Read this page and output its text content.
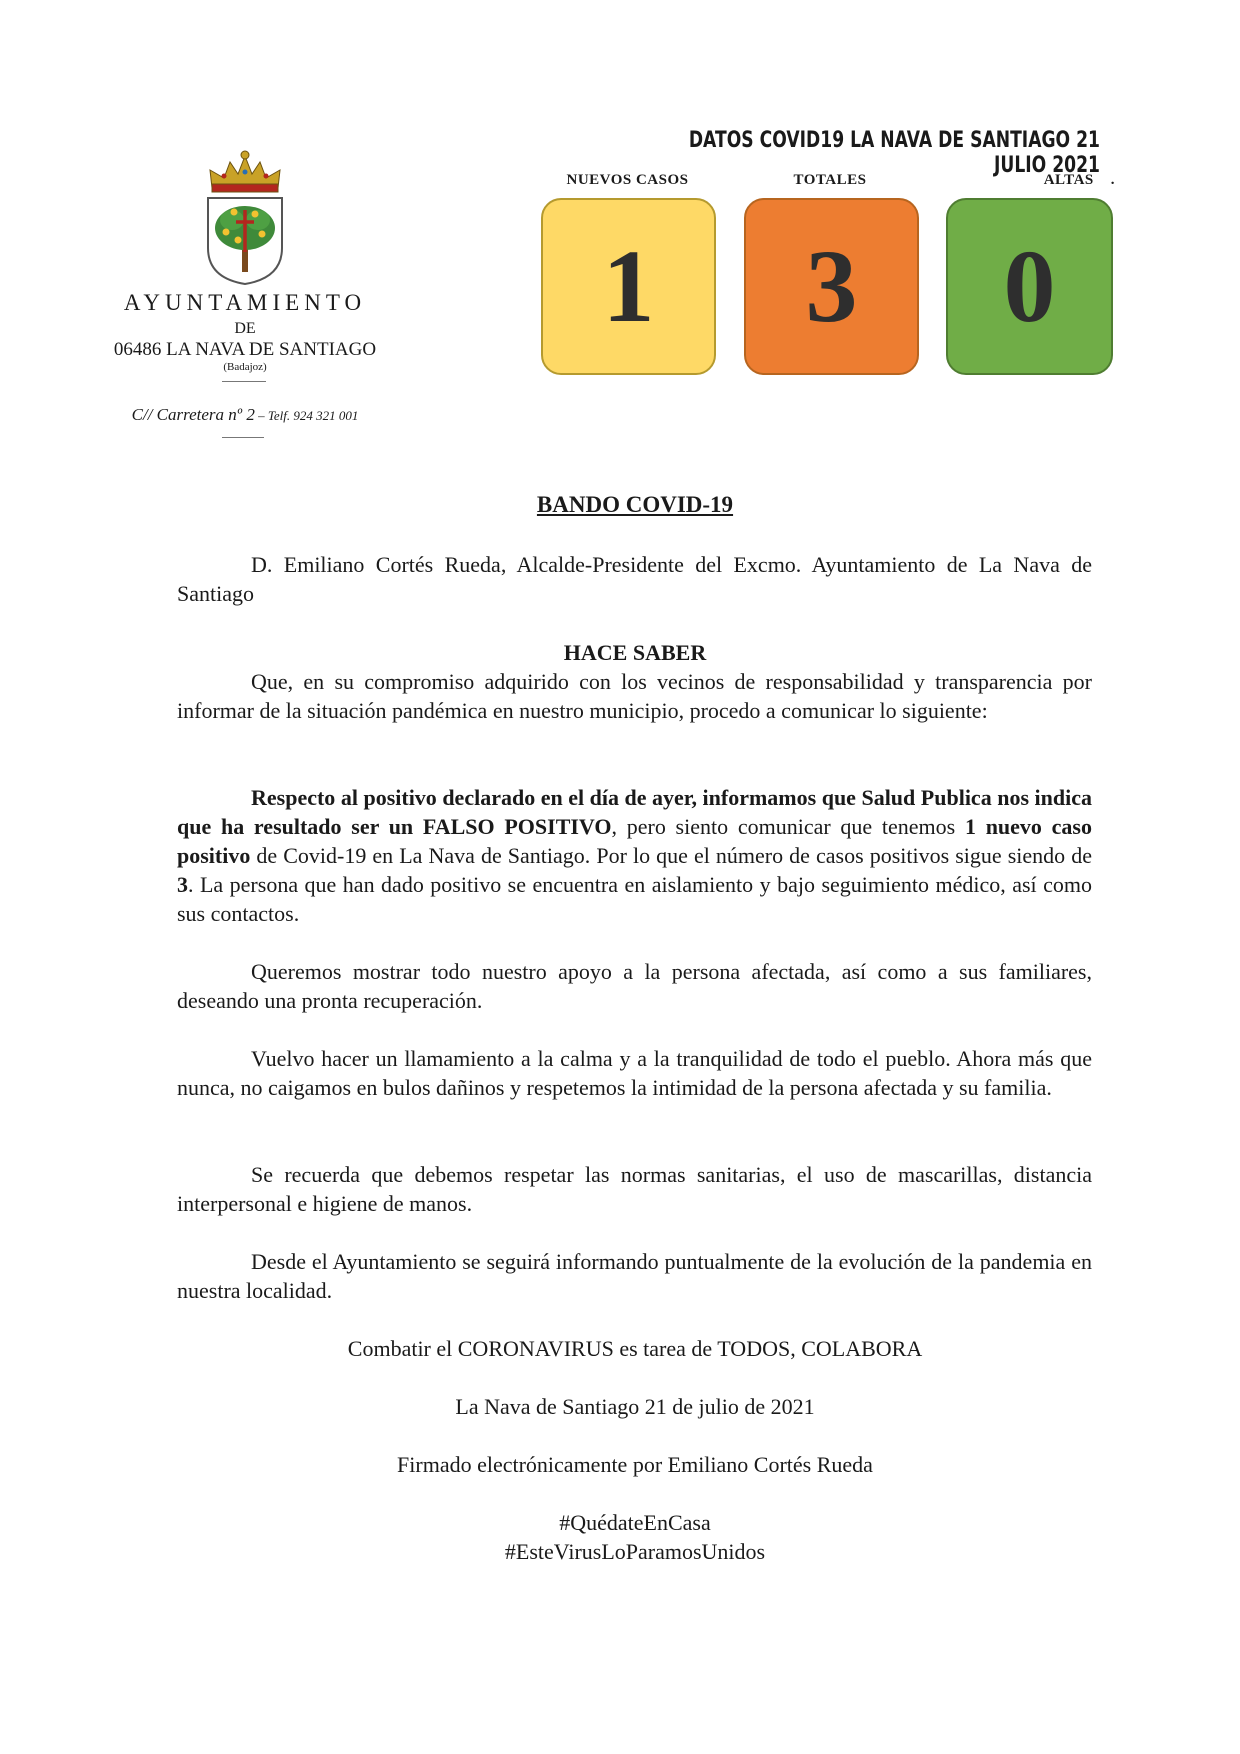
AYUNTAMIENTO
DE
06486 LA NAVA DE SANTIAGO
(Badajoz)
C// Carretera nº 2 – Telf. 924 321 001
DATOS COVID19 LA NAVA DE SANTIAGO 21 JULIO 2021
NUEVOS CASOS	TOTALES	ALTAS    .
1 3 0
BANDO COVID-19

D. Emiliano Cortés Rueda, Alcalde-Presidente del Excmo. Ayuntamiento de La Nava de Santiago

HACE SABER

Que, en su compromiso adquirido con los vecinos de responsabilidad y transparencia por informar de la situación pandémica en nuestro municipio, procedo a comunicar lo siguiente:

Respecto al positivo declarado en el día de ayer, informamos que Salud Publica nos indica que ha resultado ser un FALSO POSITIVO, pero siento comunicar que tenemos 1 nuevo caso positivo de Covid-19 en La Nava de Santiago. Por lo que el número de casos positivos sigue siendo de 3. La persona que han dado positivo se encuentra en aislamiento y bajo seguimiento médico, así como sus contactos.

Queremos mostrar todo nuestro apoyo a la persona afectada, así como a sus familiares, deseando una pronta recuperación.

Vuelvo hacer un llamamiento a la calma y a la tranquilidad de todo el pueblo. Ahora más que nunca, no caigamos en bulos dañinos y respetemos la intimidad de la persona afectada y su familia.

Se recuerda que debemos respetar las normas sanitarias, el uso de mascarillas, distancia interpersonal e higiene de manos.

Desde el Ayuntamiento se seguirá informando puntualmente de la evolución de la pandemia en nuestra localidad.

Combatir el CORONAVIRUS es tarea de TODOS, COLABORA
La Nava de Santiago 21 de julio de 2021
Firmado electrónicamente por Emiliano Cortés Rueda
#QuédateEnCasa
#EsteVirusLoParamosUnidos
